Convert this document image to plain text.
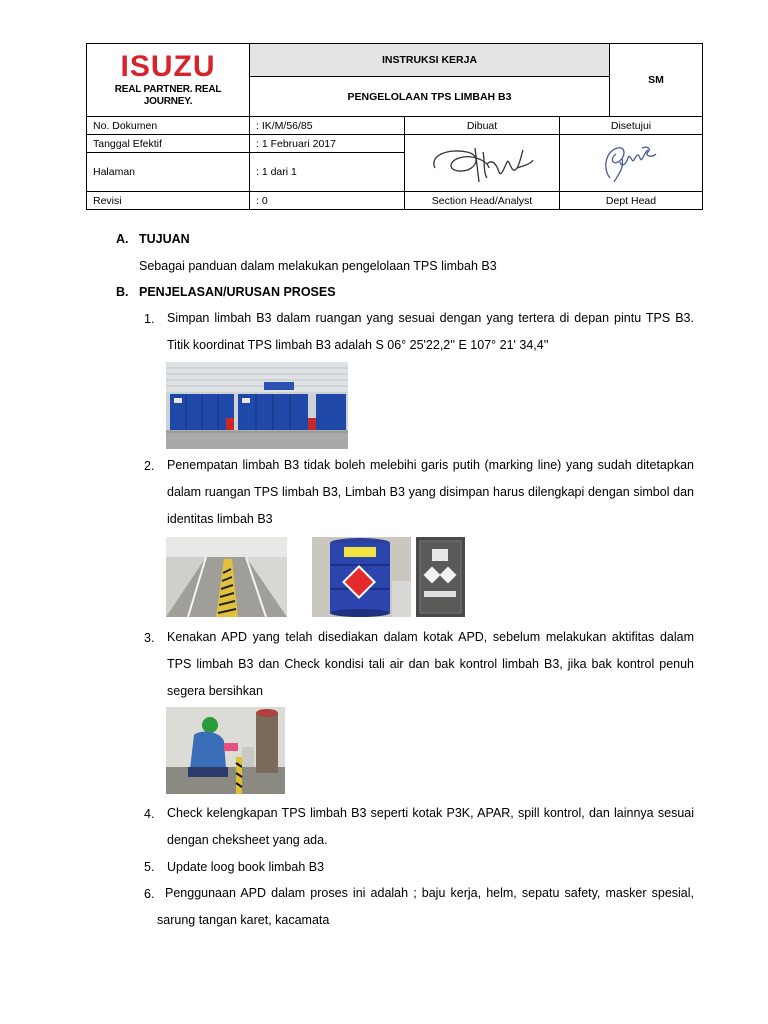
ISUZU
REAL PARTNER. REAL JOURNEY.	INSTRUKSI KERJA			SM
	PENGELOLAAN TPS LIMBAH B3			
No. Dokumen	: IK/M/56/85	Dibuat	Disetujui	
Tanggal Efektif	: 1 Februari 2017	

Halaman	: 1 dari 1			
Revisi	: 0	Section Head/Analyst	Dept Head	
A. TUJUAN
Sebagai panduan dalam melakukan pengelolaan TPS limbah B3
B. PENJELASAN/URUSAN PROSES
1. Simpan limbah B3 dalam ruangan yang sesuai dengan yang tertera di depan pintu TPS B3. Titik koordinat TPS limbah B3 adalah S 06° 25'22,2'' E 107° 21' 34,4''
2. Penempatan limbah B3 tidak boleh melebihi garis putih (marking line) yang sudah ditetapkan dalam ruangan TPS limbah B3, Limbah B3 yang disimpan harus dilengkapi dengan simbol dan identitas limbah B3
3. Kenakan APD yang telah disediakan dalam kotak APD, sebelum melakukan aktifitas dalam TPS limbah B3 dan Check kondisi tali air dan bak kontrol limbah B3, jika bak kontrol penuh segera bersihkan
4. Check kelengkapan TPS limbah B3 seperti kotak P3K, APAR, spill kontrol, dan lainnya sesuai dengan cheksheet yang ada.
5. Update loog book limbah B3
6. Penggunaan APD dalam proses ini adalah ; baju kerja, helm, sepatu safety, masker spesial, sarung tangan karet, kacamata
